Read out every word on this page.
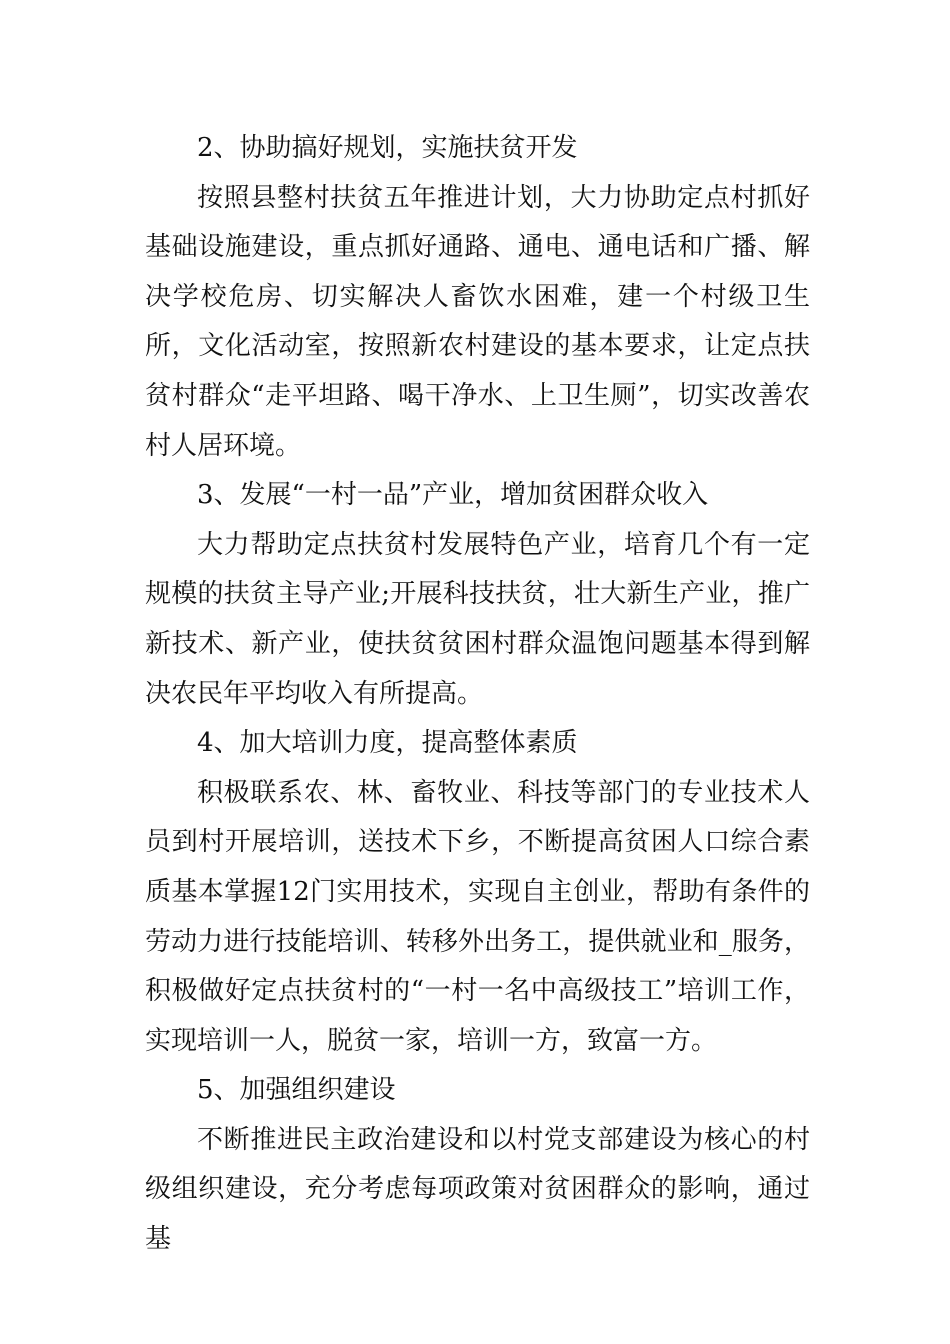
2、协助搞好规划，实施扶贫开发

按照县整村扶贫五年推进计划，大力协助定点村抓好基础设施建设，重点抓好通路、通电、通电话和广播、解决学校危房、切实解决人畜饮水困难，建一个村级卫生所，文化活动室，按照新农村建设的基本要求，让定点扶贫村群众“走平坦路、喝干净水、上卫生厕”，切实改善农村人居环境。

3、发展“一村一品”产业，增加贫困群众收入

大力帮助定点扶贫村发展特色产业，培育几个有一定规模的扶贫主导产业;开展科技扶贫，壮大新生产业，推广新技术、新产业，使扶贫贫困村群众温饱问题基本得到解决农民年平均收入有所提高。

4、加大培训力度，提高整体素质

积极联系农、林、畜牧业、科技等部门的专业技术人员到村开展培训，送技术下乡，不断提高贫困人口综合素质基本掌握12门实用技术，实现自主创业，帮助有条件的劳动力进行技能培训、转移外出务工，提供就业和_服务，积极做好定点扶贫村的“一村一名中高级技工”培训工作，实现培训一人，脱贫一家，培训一方，致富一方。

5、加强组织建设

不断推进民主政治建设和以村党支部建设为核心的村级组织建设，充分考虑每项政策对贫困群众的影响，通过基
